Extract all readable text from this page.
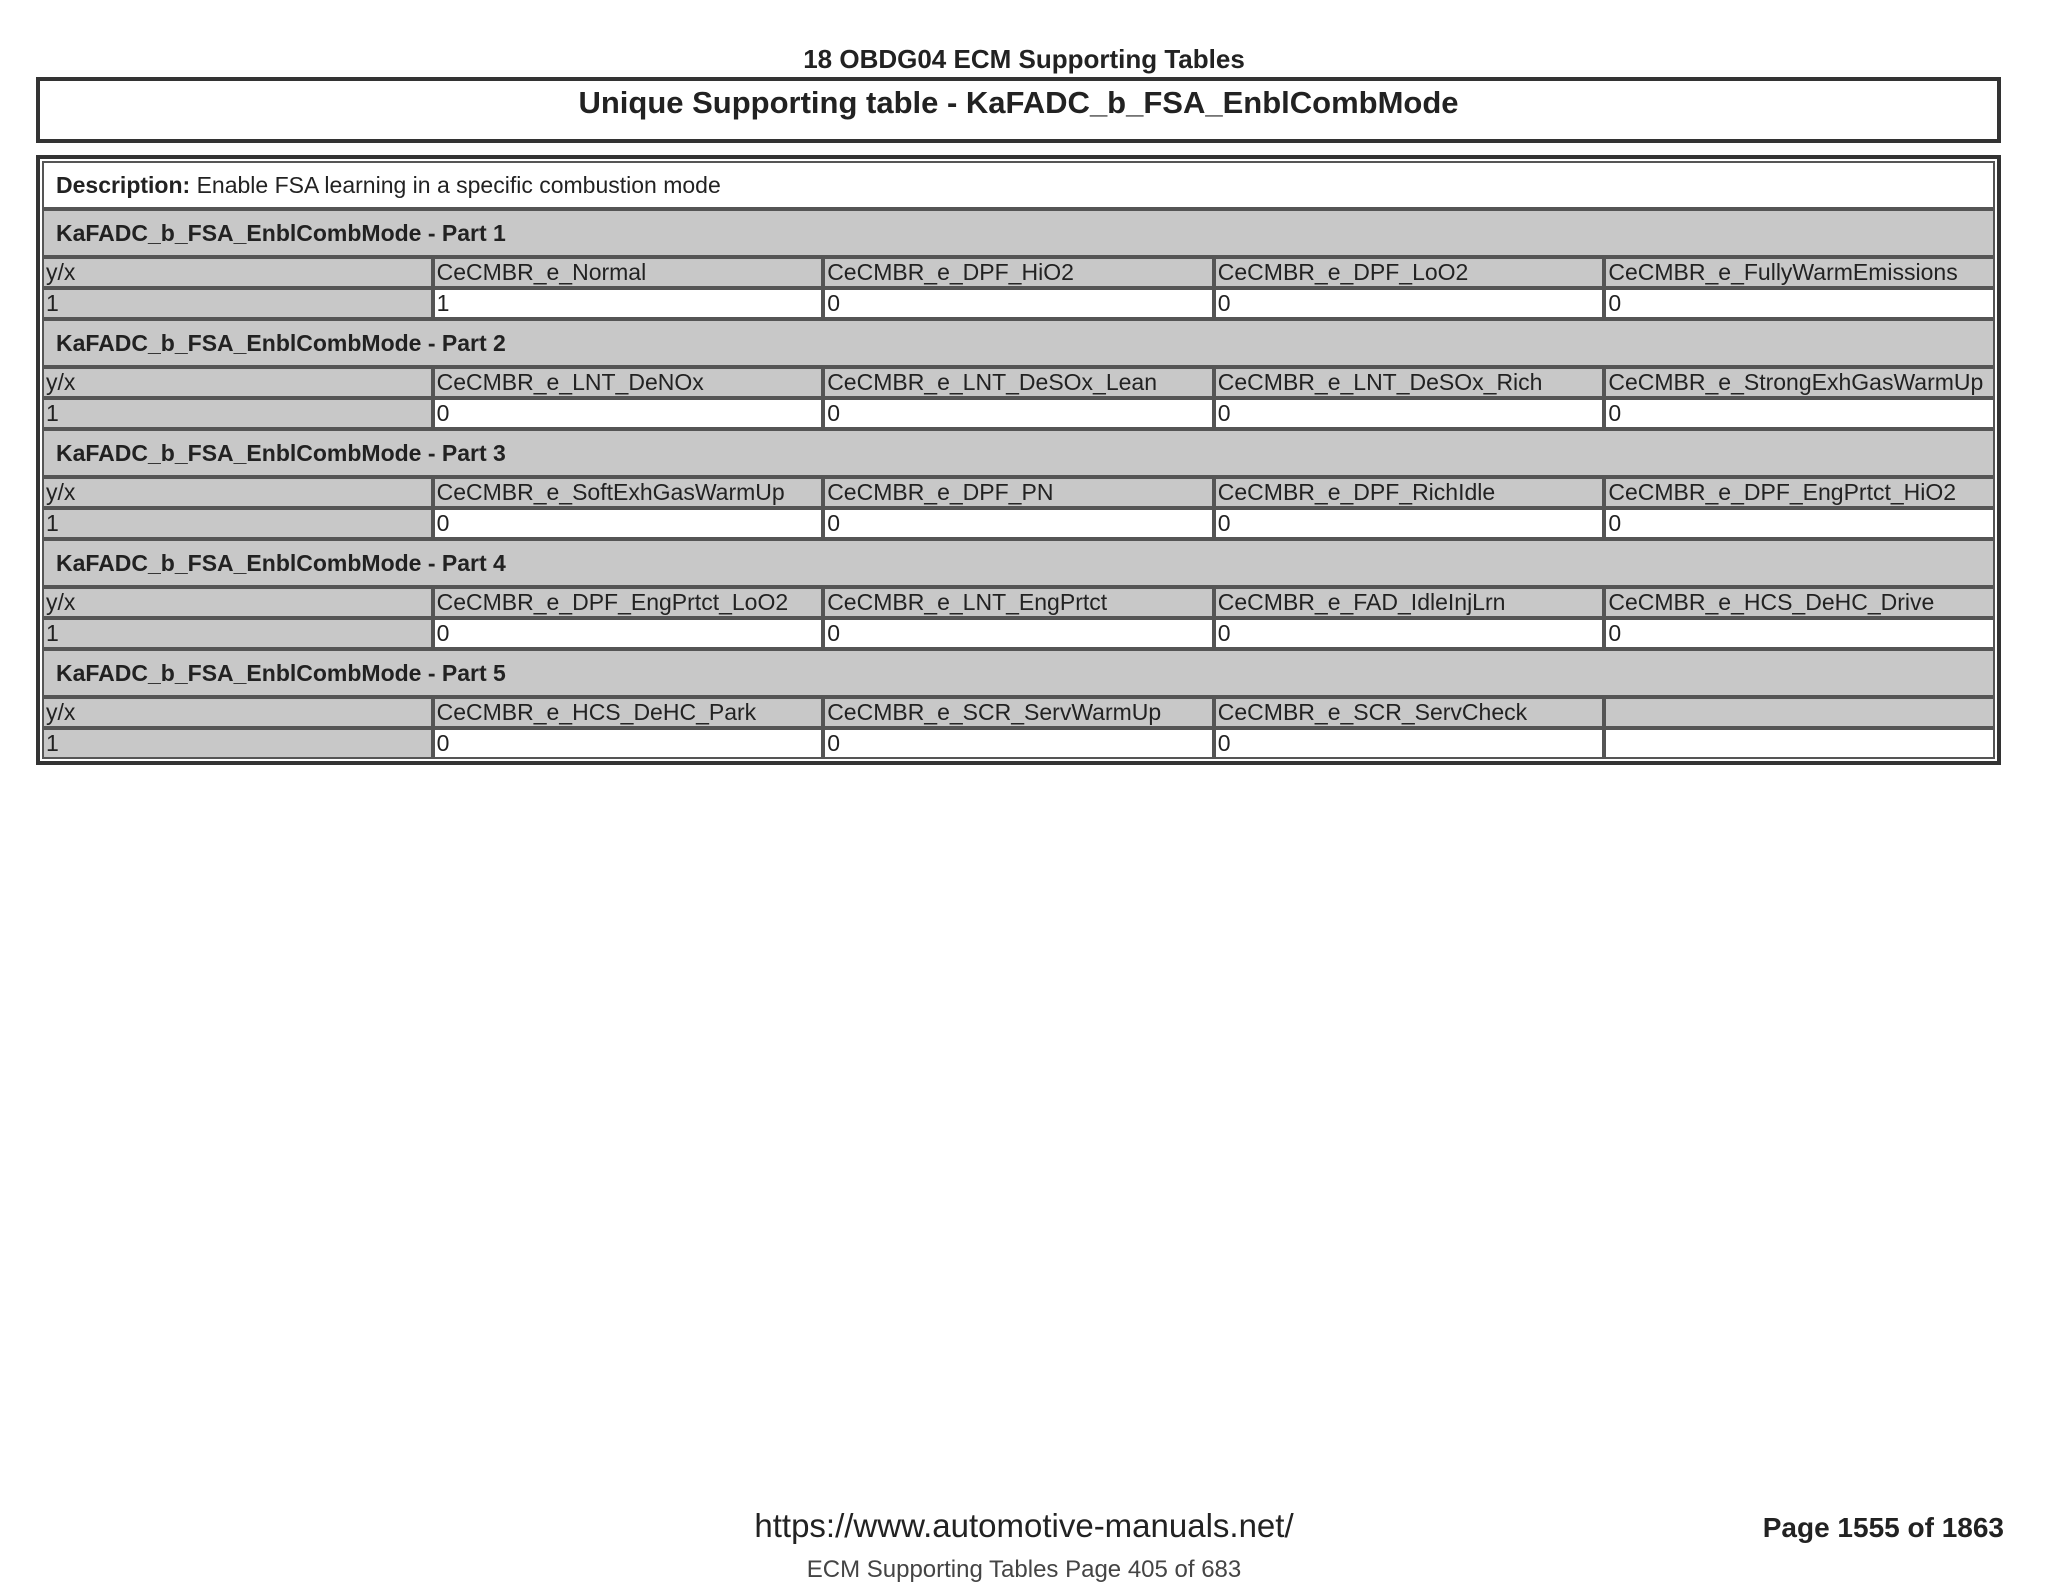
18 OBDG04 ECM Supporting Tables
Unique Supporting table - KaFADC_b_FSA_EnblCombMode
Description: Enable FSA learning in a specific combustion mode				
KaFADC_b_FSA_EnblCombMode - Part 1				
y/x	CeCMBR_e_Normal	CeCMBR_e_DPF_HiO2	CeCMBR_e_DPF_LoO2	CeCMBR_e_FullyWarmEmissions
1	1	0	0	0
KaFADC_b_FSA_EnblCombMode - Part 2				
y/x	CeCMBR_e_LNT_DeNOx	CeCMBR_e_LNT_DeSOx_Lean	CeCMBR_e_LNT_DeSOx_Rich	CeCMBR_e_StrongExhGasWarmUp
1	0	0	0	0
KaFADC_b_FSA_EnblCombMode - Part 3				
y/x	CeCMBR_e_SoftExhGasWarmUp	CeCMBR_e_DPF_PN	CeCMBR_e_DPF_RichIdle	CeCMBR_e_DPF_EngPrtct_HiO2
1	0	0	0	0
KaFADC_b_FSA_EnblCombMode - Part 4				
y/x	CeCMBR_e_DPF_EngPrtct_LoO2	CeCMBR_e_LNT_EngPrtct	CeCMBR_e_FAD_IdleInjLrn	CeCMBR_e_HCS_DeHC_Drive
1	0	0	0	0
KaFADC_b_FSA_EnblCombMode - Part 5				
y/x	CeCMBR_e_HCS_DeHC_Park	CeCMBR_e_SCR_ServWarmUp	CeCMBR_e_SCR_ServCheck	
1	0	0	0	
https://www.automotive-manuals.net/
ECM Supporting Tables Page 405 of 683
Page 1555 of 1863
